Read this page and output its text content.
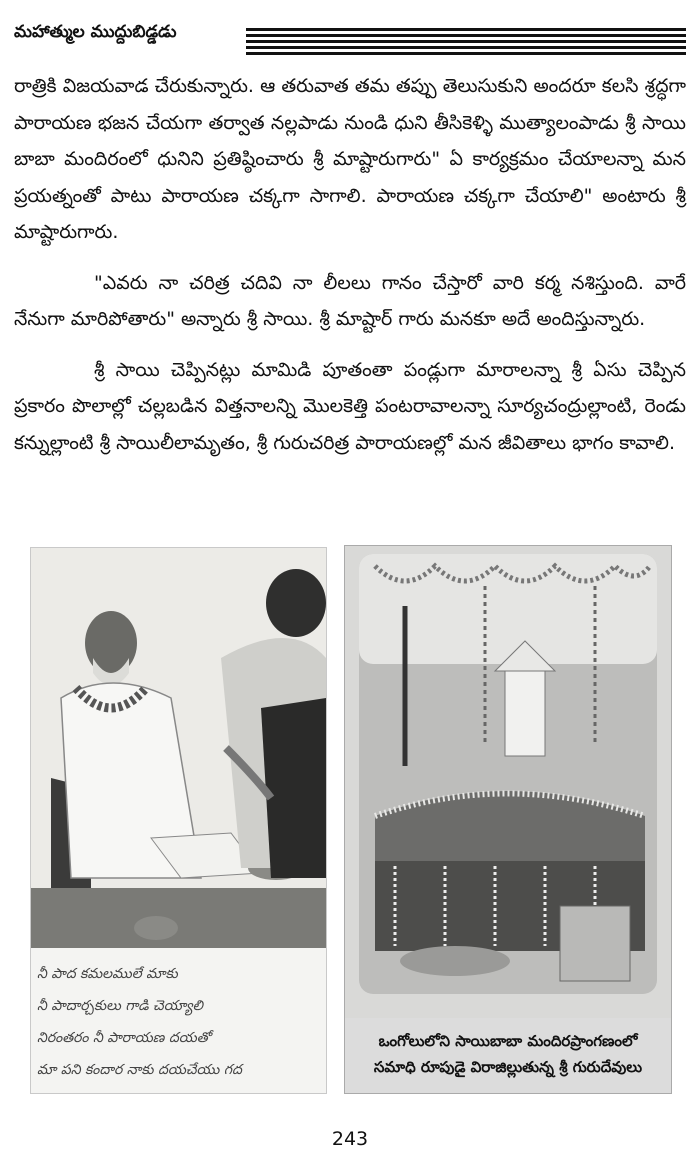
మహాత్ముల ముద్దుబిడ్డడు

రాత్రికి విజయవాడ చేరుకున్నారు. ఆ తరువాత తమ తప్పు తెలుసుకుని అందరూ కలసి శ్రద్ధగా పారాయణ భజన చేయగా తర్వాత నల్లపాడు నుండి ధుని తీసికెళ్ళి ముత్యాలంపాడు శ్రీ సాయి బాబా మందిరంలో ధునిని ప్రతిష్ఠించారు శ్రీ మాష్టారుగారు" ఏ కార్యక్రమం చేయాలన్నా మన ప్రయత్నంతో పాటు పారాయణ చక్కగా సాగాలి. పారాయణ చక్కగా చేయాలి" అంటారు శ్రీ మాష్టారుగారు.

"ఎవరు నా చరిత్ర చదివి నా లీలలు గానం చేస్తారో వారి కర్మ నశిస్తుంది. వారే నేనుగా మారిపోతారు" అన్నారు శ్రీ సాయి. శ్రీ మాష్టార్ గారు మనకూ అదే అందిస్తున్నారు.

శ్రీ సాయి చెప్పినట్లు మామిడి పూతంతా పండ్లుగా మారాలన్నా శ్రీ ఏసు చెప్పిన ప్రకారం పొలాల్లో చల్లబడిన విత్తనాలన్ని మొలకెత్తి పంటరావాలన్నా సూర్యచంద్రుల్లాంటి, రెండు కన్నుల్లాంటి శ్రీ సాయిలీలామృతం, శ్రీ గురుచరిత్ర పారాయణల్లో మన జీవితాలు భాగం కావాలి.

నీ పాద కమలములే మాకు
నీ పాదార్చకులు గాడి చెయ్యాలి
నిరంతరం నీ పారాయణ దయతో
మా పని కందార నాకు దయచేయు గద
ఒంగోలులోని సాయిబాబా మందిరప్రాంగణంలో
సమాధి రూపుడై విరాజిల్లుతున్న శ్రీ గురుదేవులు
243
